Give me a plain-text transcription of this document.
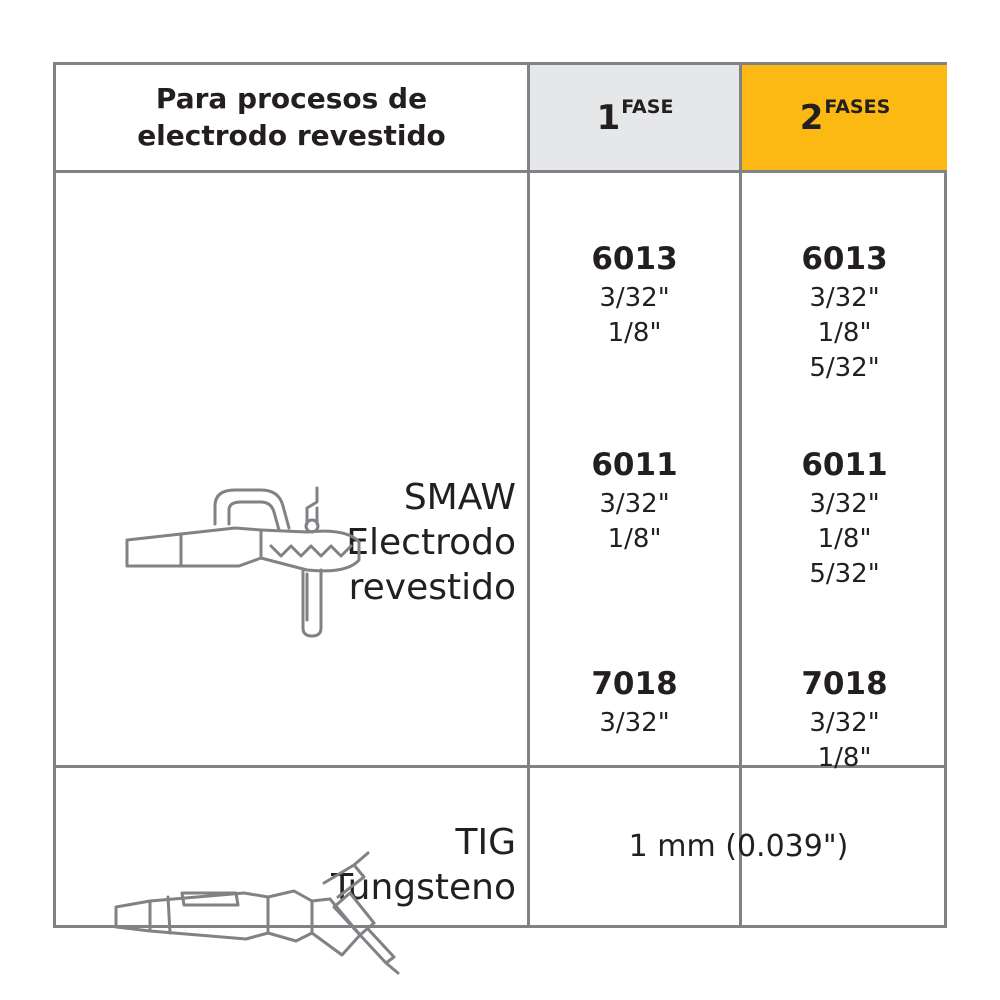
Para procesos de
electrodo revestido	1FASE	2FASES
SMAW
Electrodo
revestido
6013
3/32"
1/8"
6011
3/32"
1/8"
7018
3/32"
6013
3/32"
1/8"
5/32"
6011
3/32"
1/8"
5/32"
7018
3/32"
1/8"
TIG
Tungsteno
1 mm (0.039")
